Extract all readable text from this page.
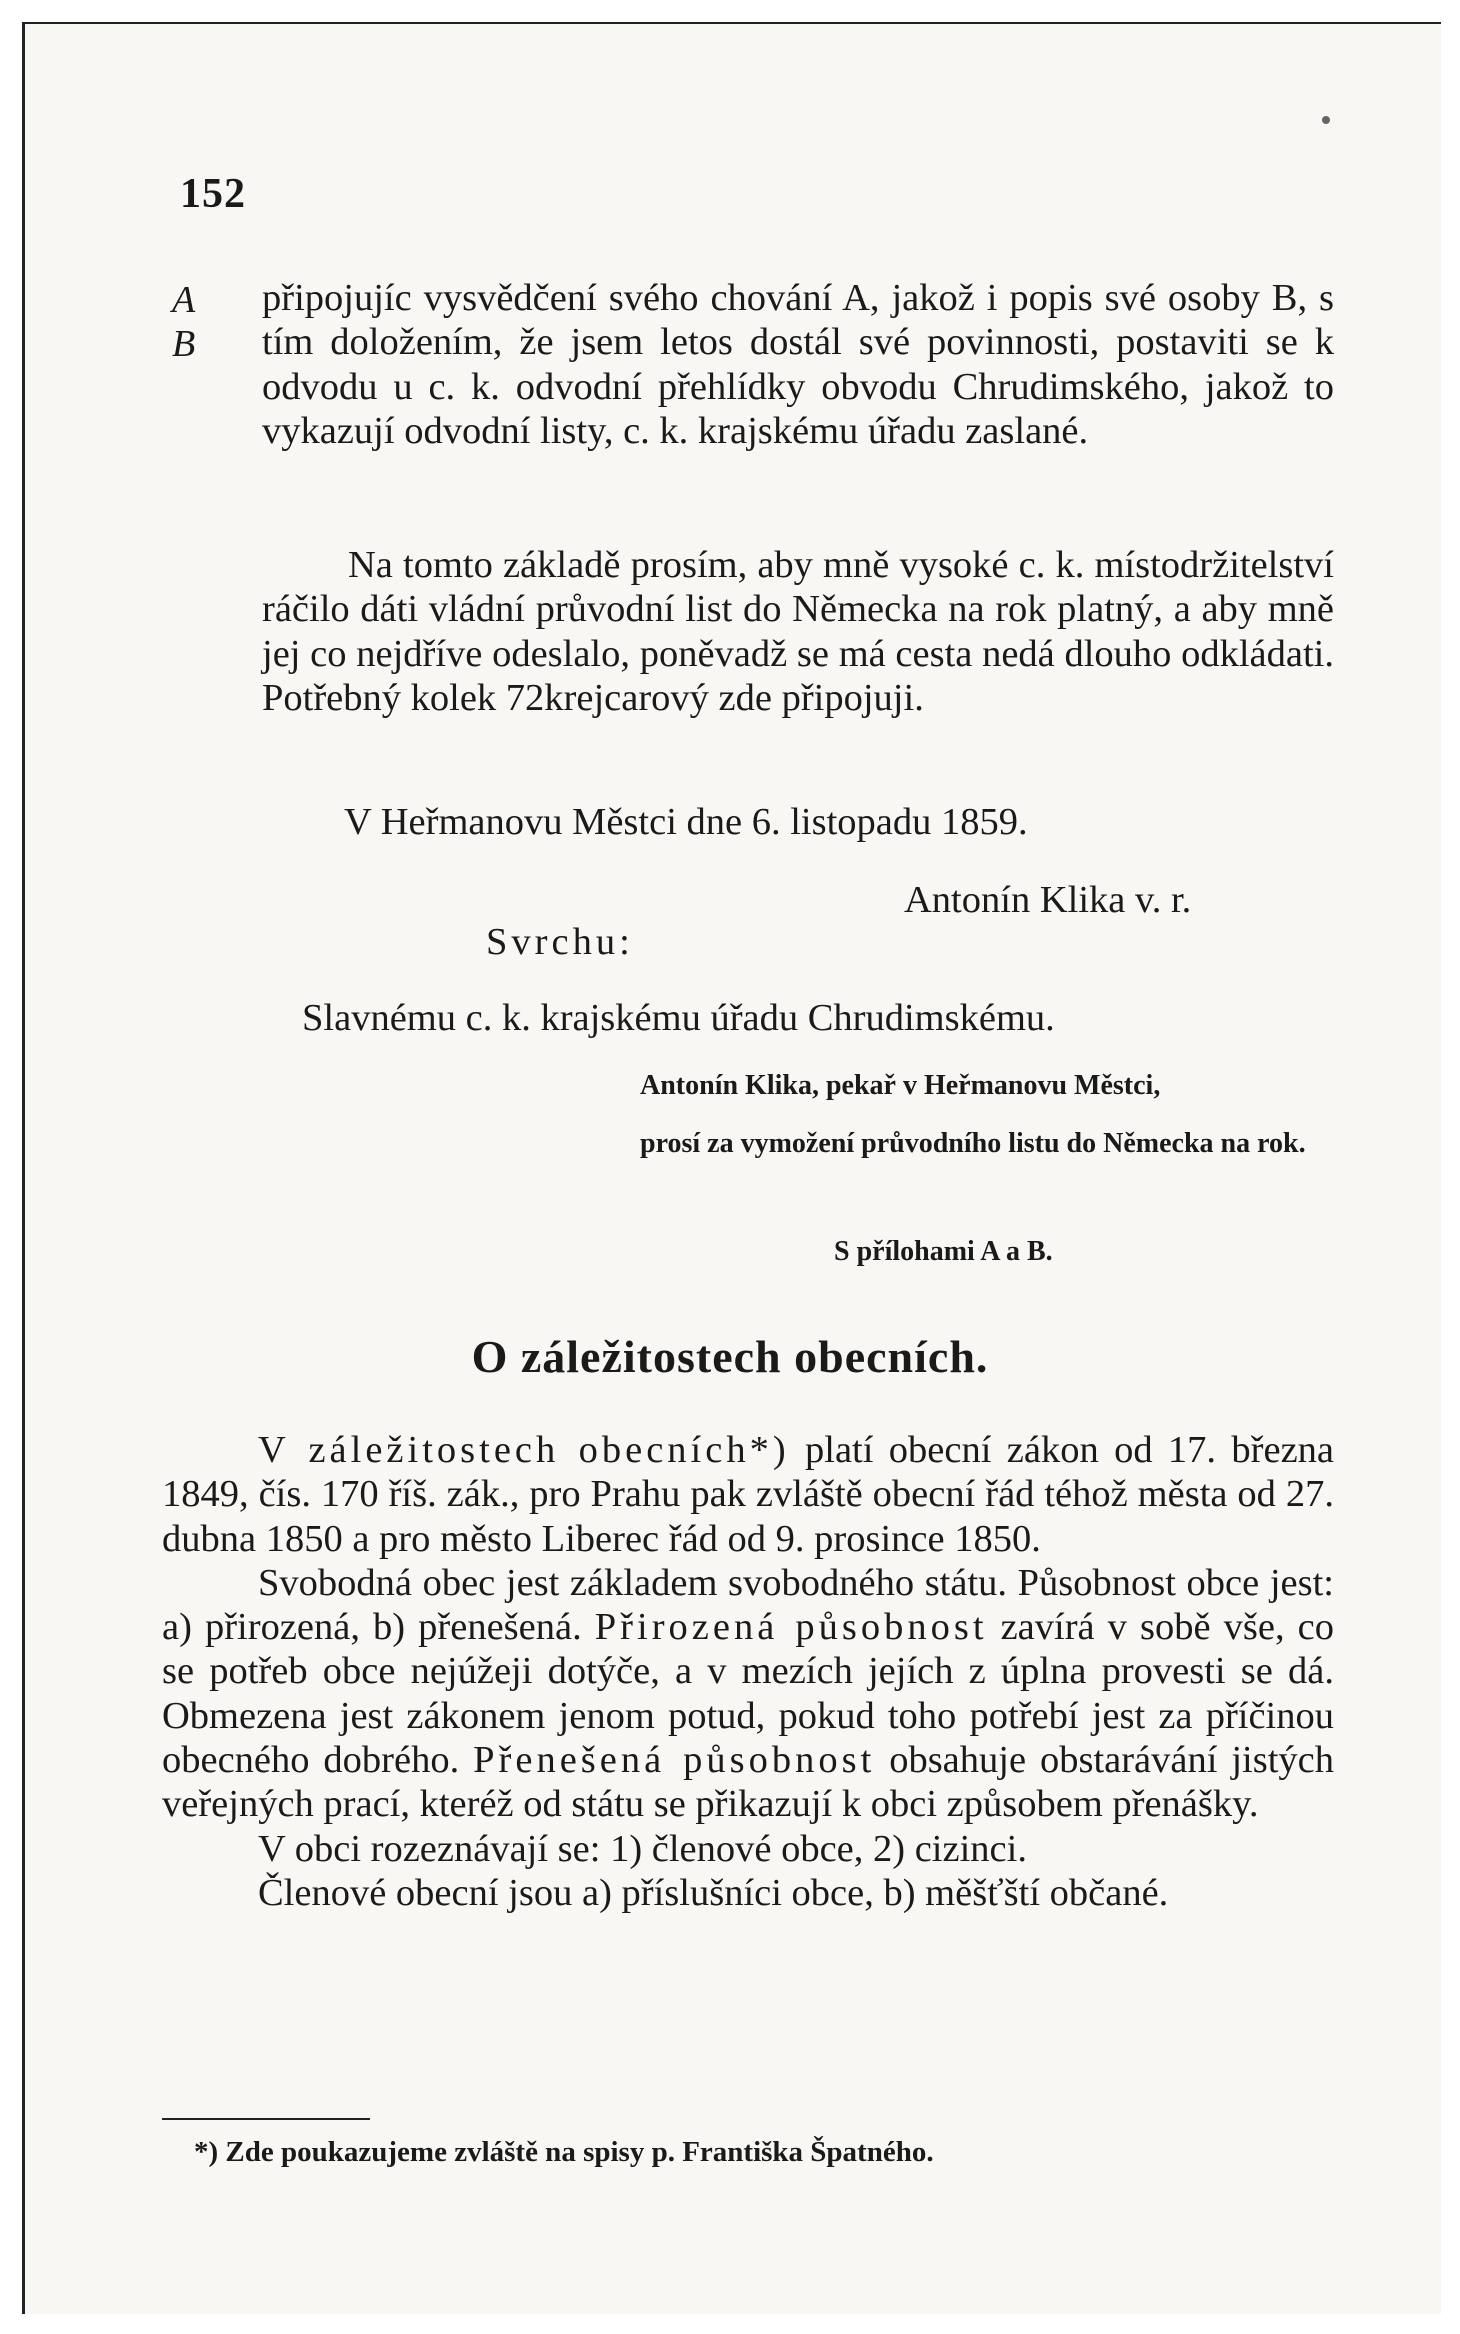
152
A
B
připojujíc vysvědčení svého chování A, jakož i popis své osoby B, s tím doložením, že jsem letos dostál své povinnosti, postaviti se k odvodu u c. k. odvodní přehlídky obvodu Chrudimského, jakož to vykazují odvodní listy, c. k. krajskému úřadu zaslané.
Na tomto základě prosím, aby mně vysoké c. k. místodržitelství ráčilo dáti vládní průvodní list do Německa na rok platný, a aby mně jej co nejdříve odeslalo, poněvadž se má cesta nedá dlouho odkládati. Potřebný kolek 72krejcarový zde připojuji.
V Heřmanovu Městci dne 6. listopadu 1859.
Antonín Klika v. r.
Svrchu:
Slavnému c. k. krajskému úřadu Chrudimskému.
Antonín Klika, pekař v Heřmanovu Městci,
prosí za vymožení průvodního listu do Německa na rok.
S přílohami A a B.
O záležitostech obecních.

V záležitostech obecních*) platí obecní zákon od 17. března 1849, čís. 170 říš. zák., pro Prahu pak zvláště obecní řád téhož města od 27. dubna 1850 a pro město Liberec řád od 9. prosince 1850.

Svobodná obec jest základem svobodného státu. Působnost obce jest: a) přirozená, b) přenešená. Přirozená působnost zavírá v sobě vše, co se potřeb obce nejúžeji dotýče, a v mezích jejích z úplna provesti se dá. Obmezena jest zákonem jenom potud, pokud toho potřebí jest za příčinou obecného dobrého. Přenešená působnost obsahuje obstarávání jistých veřejných prací, kteréž od státu se přikazují k obci způsobem přenášky.

V obci rozeznávají se: 1) členové obce, 2) cizinci.

Členové obecní jsou a) příslušníci obce, b) měšťští občané.

*) Zde poukazujeme zvláště na spisy p. Františka Špatného.
